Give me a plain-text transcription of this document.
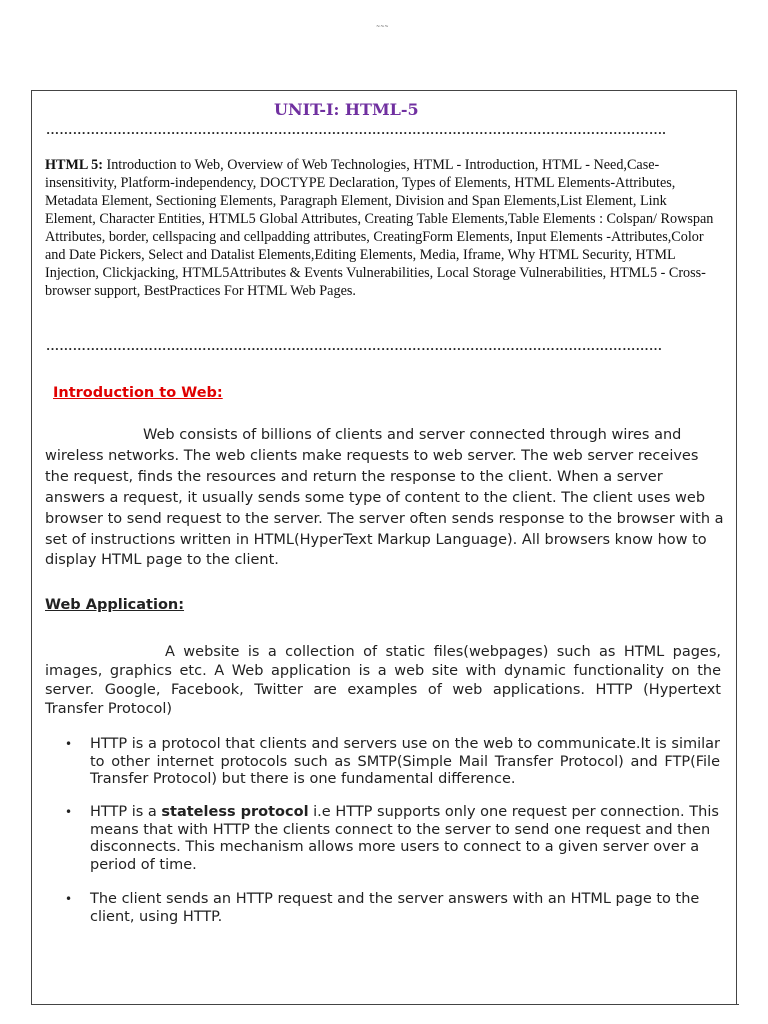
~~~
UNIT-I: HTML-5
………………………………………………………………………………………………………………………….
HTML 5: Introduction to Web, Overview of Web Technologies, HTML - Introduction, HTML - Need,Case-insensitivity, Platform-independency, DOCTYPE Declaration, Types of Elements, HTML Elements-Attributes, Metadata Element, Sectioning Elements, Paragraph Element, Division and Span Elements,List Element, Link Element, Character Entities, HTML5 Global Attributes, Creating Table Elements,Table Elements : Colspan/ Rowspan Attributes, border, cellspacing and cellpadding attributes, CreatingForm Elements, Input Elements -Attributes,Color and Date Pickers, Select and Datalist Elements,Editing Elements, Media, Iframe, Why HTML Security, HTML Injection, Clickjacking, HTML5Attributes & Events Vulnerabilities, Local Storage Vulnerabilities, HTML5 - Cross-browser support, BestPractices For HTML Web Pages.
…………………………………………………………………………………………………………………………
Introduction to Web:
Web consists of billions of clients and server connected through wires and wireless networks. The web clients make requests to web server. The web server receives the request, finds the resources and return the response to the client. When a server answers a request, it usually sends some type of content to the client. The client uses web browser to send request to the server. The server often sends response to the browser with a set of instructions written in HTML(HyperText Markup Language). All browsers know how to display HTML page to the client.
Web Application:
A website is a collection of static files(webpages) such as HTML pages, images, graphics etc. A Web application is a web site with dynamic functionality on the server. Google, Facebook, Twitter are examples of web applications. HTTP (Hypertext Transfer Protocol)
• HTTP is a protocol that clients and servers use on the web to communicate.It is similar to other internet protocols such as SMTP(Simple Mail Transfer Protocol) and FTP(File Transfer Protocol) but there is one fundamental difference.
• HTTP is a stateless protocol i.e HTTP supports only one request per connection. This means that with HTTP the clients connect to the server to send one request and then disconnects. This mechanism allows more users to connect to a given server over a period of time.
• The client sends an HTTP request and the server answers with an HTML page to the client, using HTTP.
